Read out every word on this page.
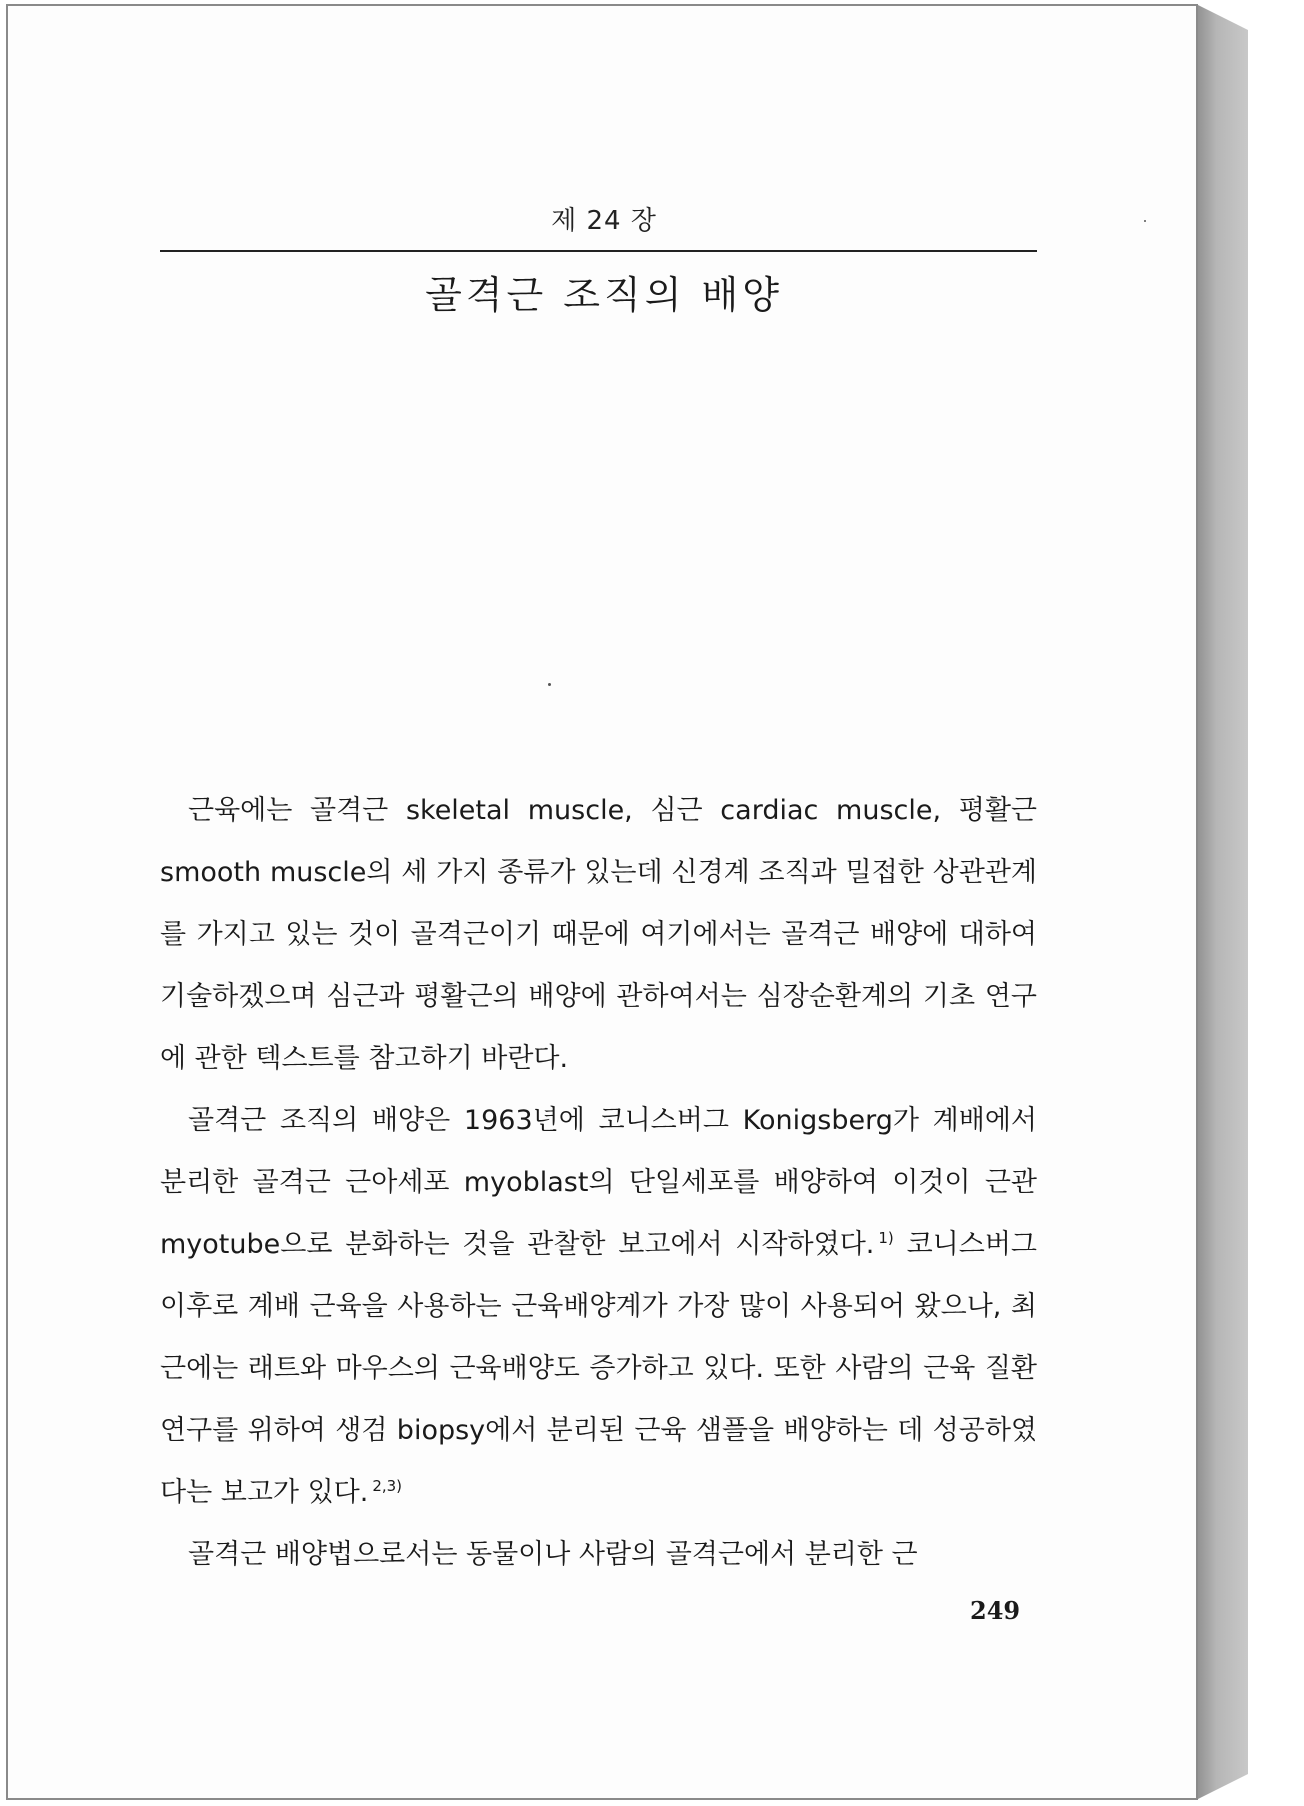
제 24 장
골격근 조직의 배양

근육에는 골격근 skeletal muscle, 심근 cardiac muscle, 평활근 smooth muscle의 세 가지 종류가 있는데 신경계 조직과 밀접한 상관관계를 가지고 있는 것이 골격근이기 때문에 여기에서는 골격근 배양에 대하여 기술하겠으며 심근과 평활근의 배양에 관하여서는 심장순환계의 기초 연구에 관한 텍스트를 참고하기 바란다.

골격근 조직의 배양은 1963년에 코니스버그 Konigsberg가 계배에서 분리한 골격근 근아세포 myoblast의 단일세포를 배양하여 이것이 근관 myotube으로 분화하는 것을 관찰한 보고에서 시작하였다. $^{1)}$ 코니스버그 이후로 계배 근육을 사용하는 근육배양계가 가장 많이 사용되어 왔으나, 최근에는 래트와 마우스의 근육배양도 증가하고 있다. 또한 사람의 근육 질환 연구를 위하여 생검 biopsy에서 분리된 근육 샘플을 배양하는 데 성공하였다는 보고가 있다. $^{2,3)}$

골격근 배양법으로서는 동물이나 사람의 골격근에서 분리한 근

249
